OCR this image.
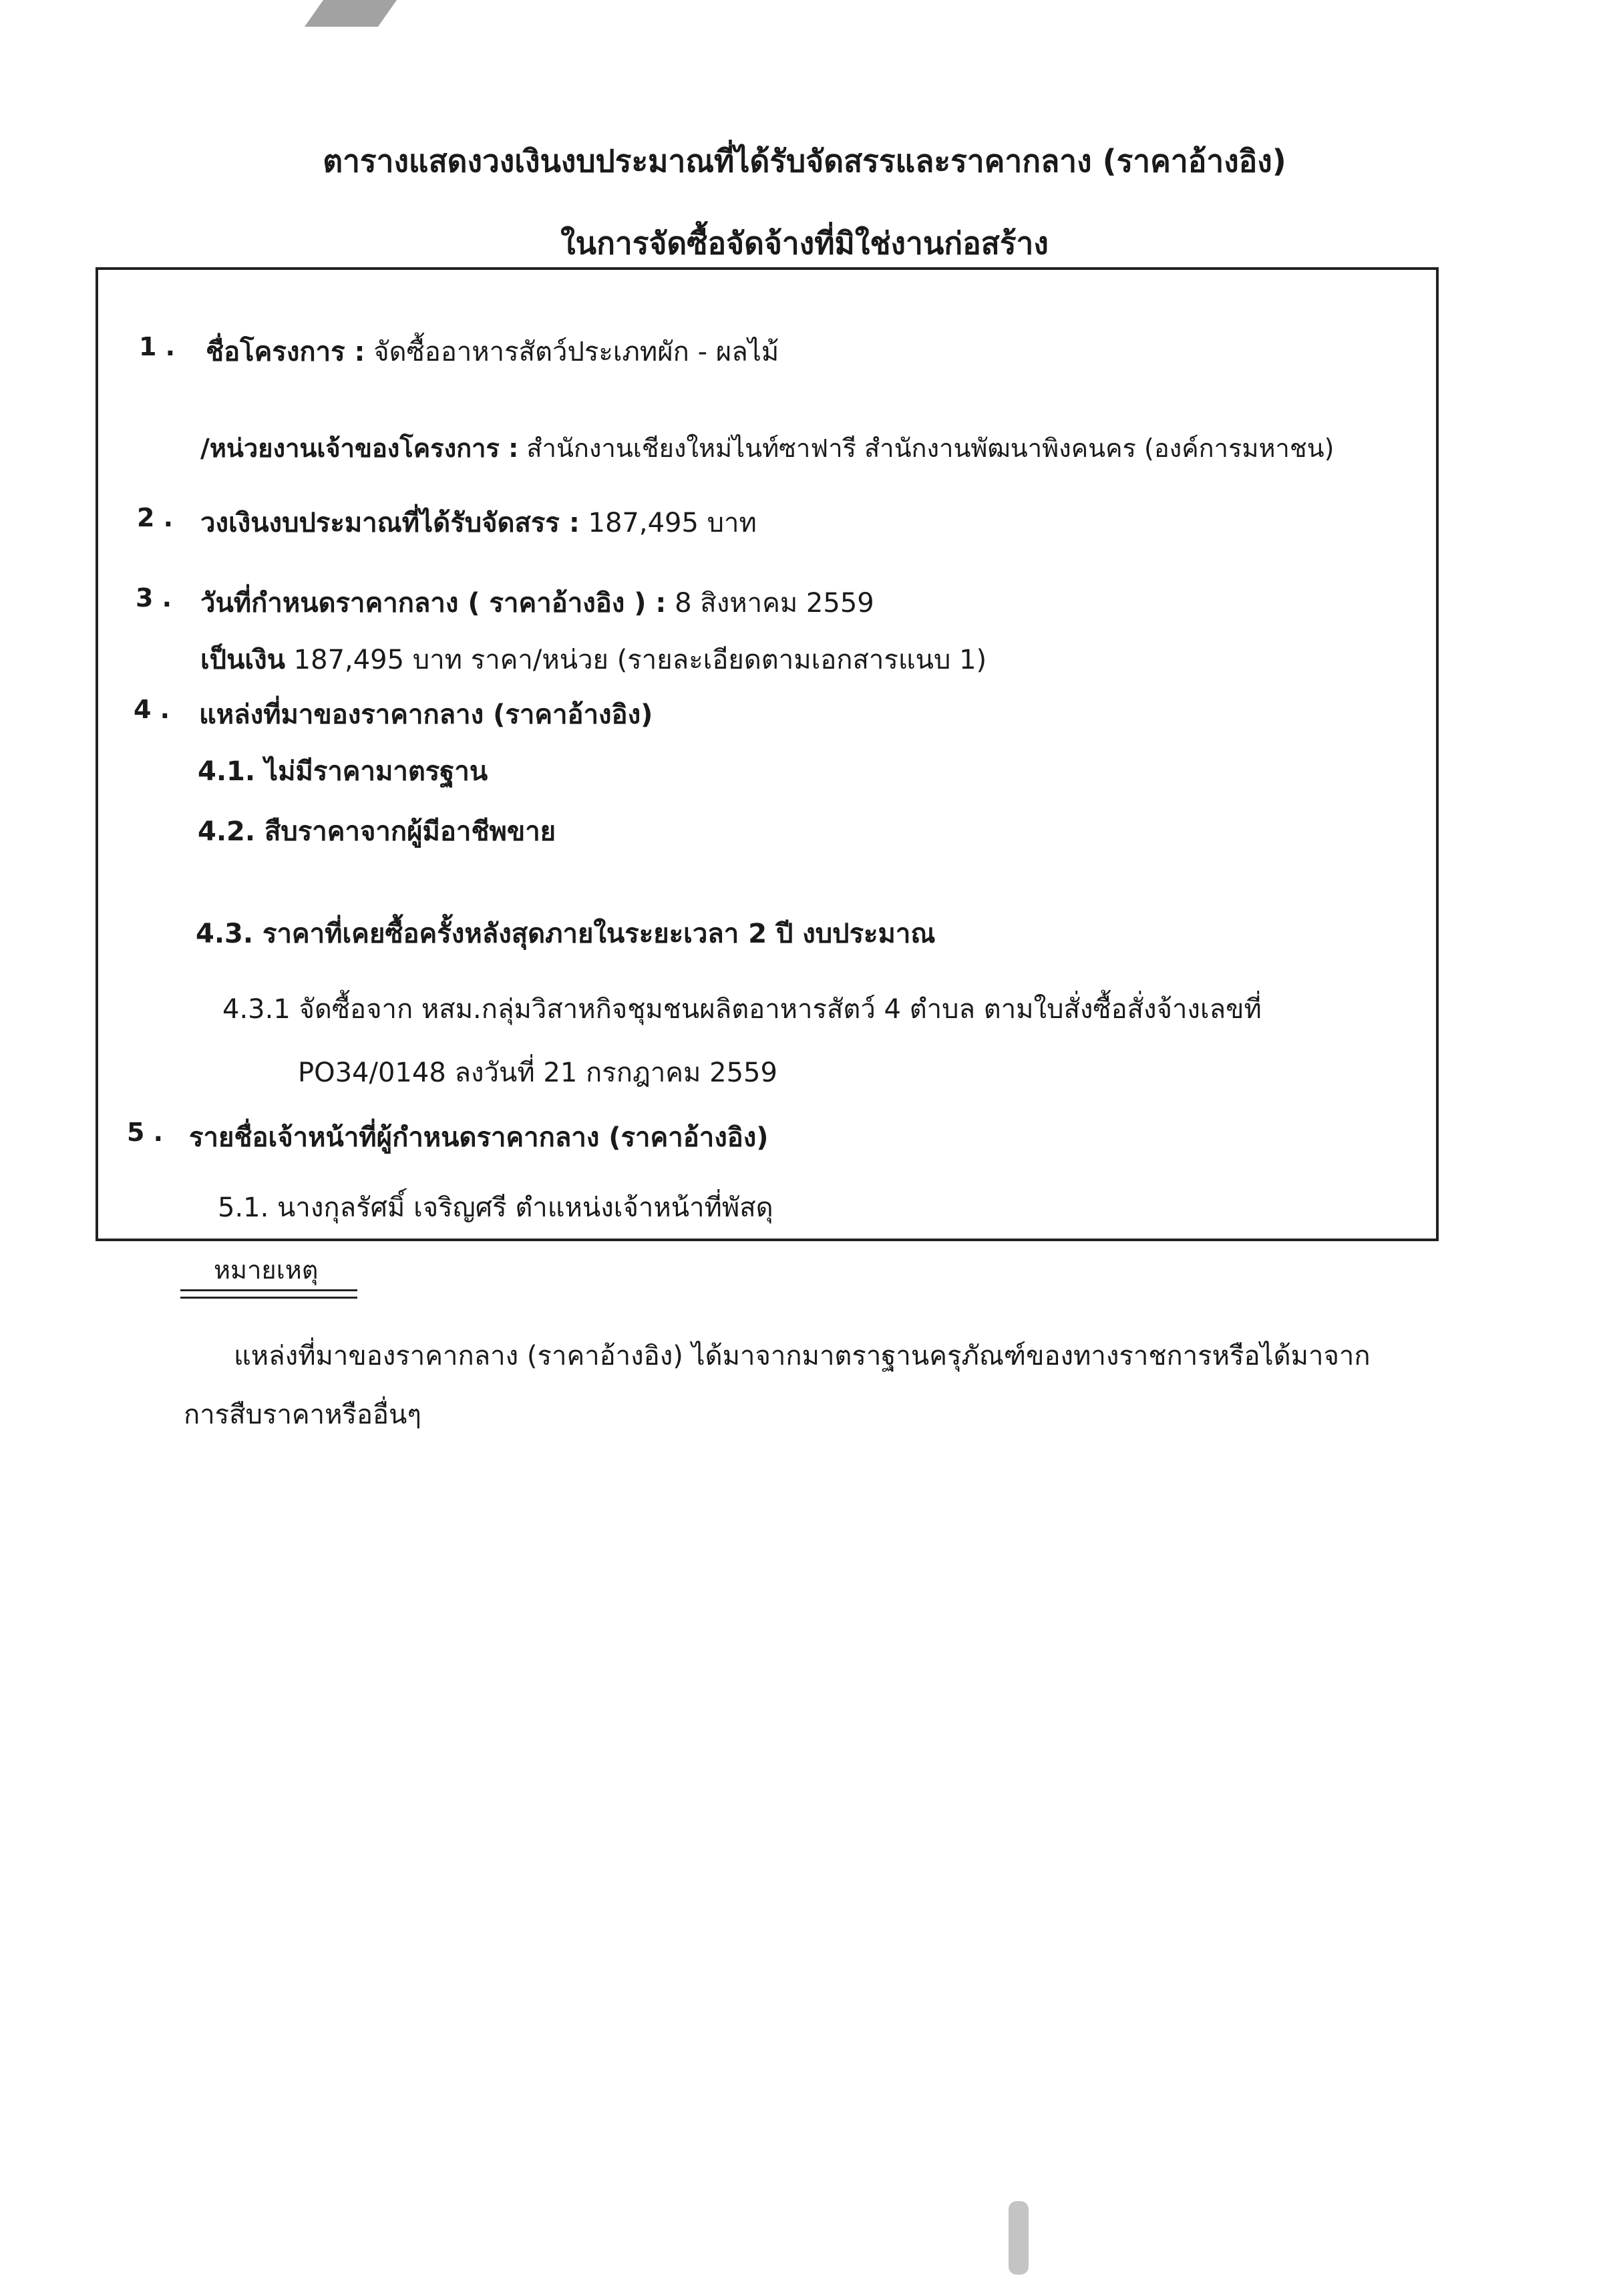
ตารางแสดงวงเงินงบประมาณที่ได้รับจัดสรรและราคากลาง (ราคาอ้างอิง)
ในการจัดซื้อจัดจ้างที่มิใช่งานก่อสร้าง
1 . ชื่อโครงการ : จัดซื้ออาหารสัตว์ประเภทผัก - ผลไม้
/หน่วยงานเจ้าของโครงการ : สำนักงานเชียงใหม่ไนท์ซาฟารี สำนักงานพัฒนาพิงคนคร (องค์การมหาชน)
2 . วงเงินงบประมาณที่ได้รับจัดสรร : 187,495 บาท
3 . วันที่กำหนดราคากลาง ( ราคาอ้างอิง ) : 8 สิงหาคม 2559
เป็นเงิน 187,495 บาท ราคา/หน่วย (รายละเอียดตามเอกสารแนบ 1)
4 . แหล่งที่มาของราคากลาง (ราคาอ้างอิง)
4.1. ไม่มีราคามาตรฐาน
4.2. สืบราคาจากผู้มีอาชีพขาย
4.3. ราคาที่เคยซื้อครั้งหลังสุดภายในระยะเวลา 2 ปี งบประมาณ
4.3.1 จัดซื้อจาก หสม.กลุ่มวิสาหกิจชุมชนผลิตอาหารสัตว์ 4 ตำบล ตามใบสั่งซื้อสั่งจ้างเลขที่
PO34/0148 ลงวันที่ 21 กรกฎาคม 2559
5 . รายชื่อเจ้าหน้าที่ผู้กำหนดราคากลาง (ราคาอ้างอิง)
5.1. นางกุลรัศมิ์ เจริญศรี ตำแหน่งเจ้าหน้าที่พัสดุ
หมายเหตุ
แหล่งที่มาของราคากลาง (ราคาอ้างอิง) ได้มาจากมาตราฐานครุภัณฑ์ของทางราชการหรือได้มาจาก
การสืบราคาหรืออื่นๆ
